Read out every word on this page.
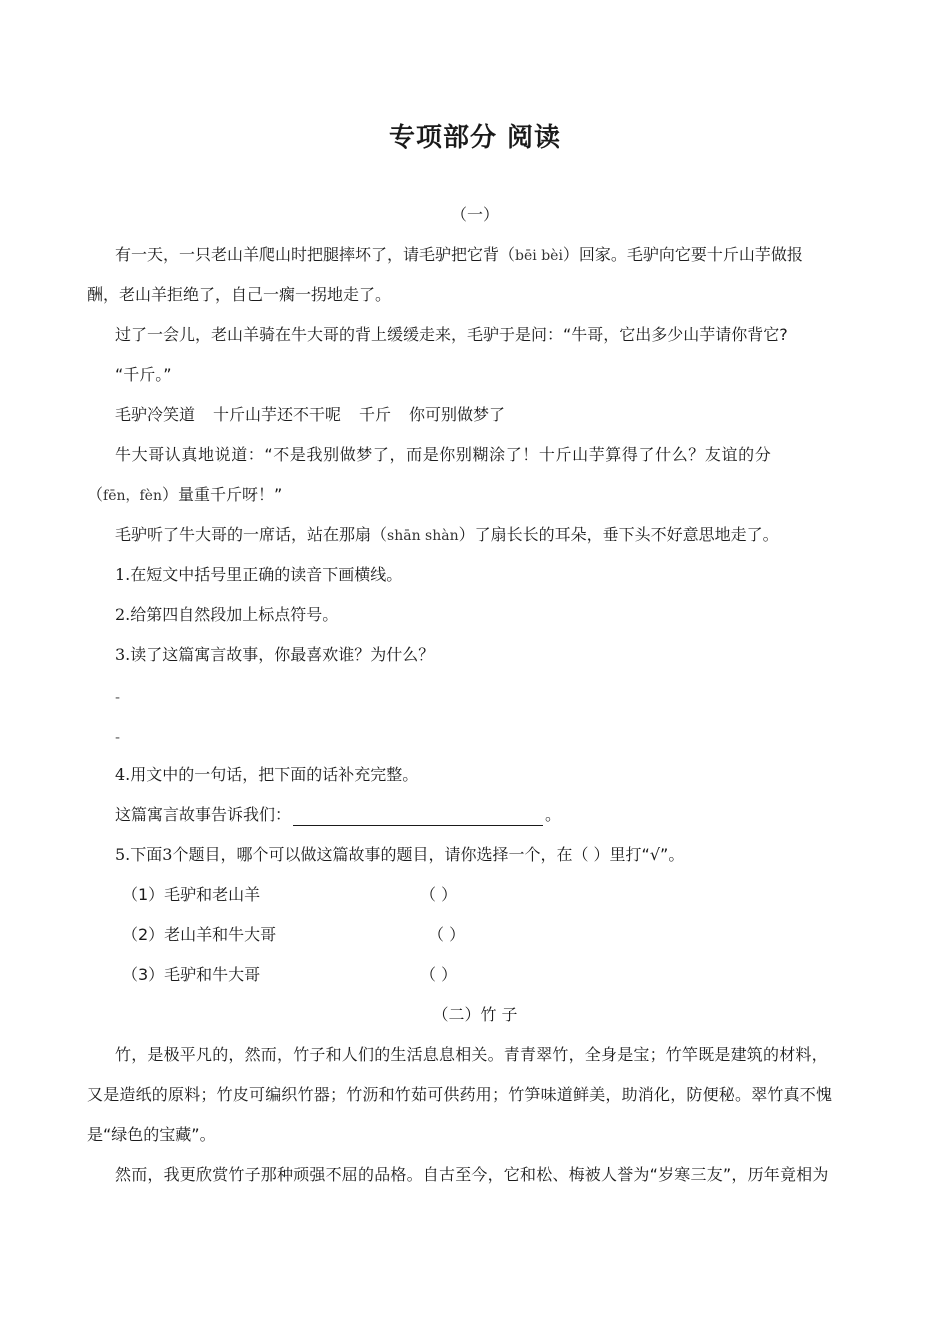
专项部分 阅读
（一）
有一天，一只老山羊爬山时把腿摔坏了，请毛驴把它背（bēi bèi）回家。毛驴向它要十斤山芋做报
酬，老山羊拒绝了，自己一瘸一拐地走了。
过了一会儿，老山羊骑在牛大哥的背上缓缓走来，毛驴于是问：“牛哥，它出多少山芋请你背它?
“千斤。”
毛驴冷笑道 十斤山芋还不干呢 千斤 你可别做梦了
牛大哥认真地说道：“不是我别做梦了，而是你别糊涂了！十斤山芋算得了什么？友谊的分
（fēn，fèn）量重千斤呀！”
毛驴听了牛大哥的一席话，站在那扇（shān shàn）了扇长长的耳朵，垂下头不好意思地走了。
1.在短文中括号里正确的读音下画横线。
2.给第四自然段加上标点符号。
3.读了这篇寓言故事，你最喜欢谁？为什么？
-
-
4.用文中的一句话，把下面的话补充完整。
这篇寓言故事告诉我们：	。
5.下面3个题目，哪个可以做这篇故事的题目，请你选择一个，在（ ）里打“√”。
（1）毛驴和老山羊	（ ）
（2）老山羊和牛大哥	（ ）
（3）毛驴和牛大哥	（ ）
（二）竹 子
竹，是极平凡的，然而，竹子和人们的生活息息相关。青青翠竹，全身是宝；竹竿既是建筑的材料，
又是造纸的原料；竹皮可编织竹器；竹沥和竹茹可供药用；竹笋味道鲜美，助消化，防便秘。翠竹真不愧
是“绿色的宝藏”。
然而，我更欣赏竹子那种顽强不屈的品格。自古至今，它和松、梅被人誉为“岁寒三友”，历年竟相为
